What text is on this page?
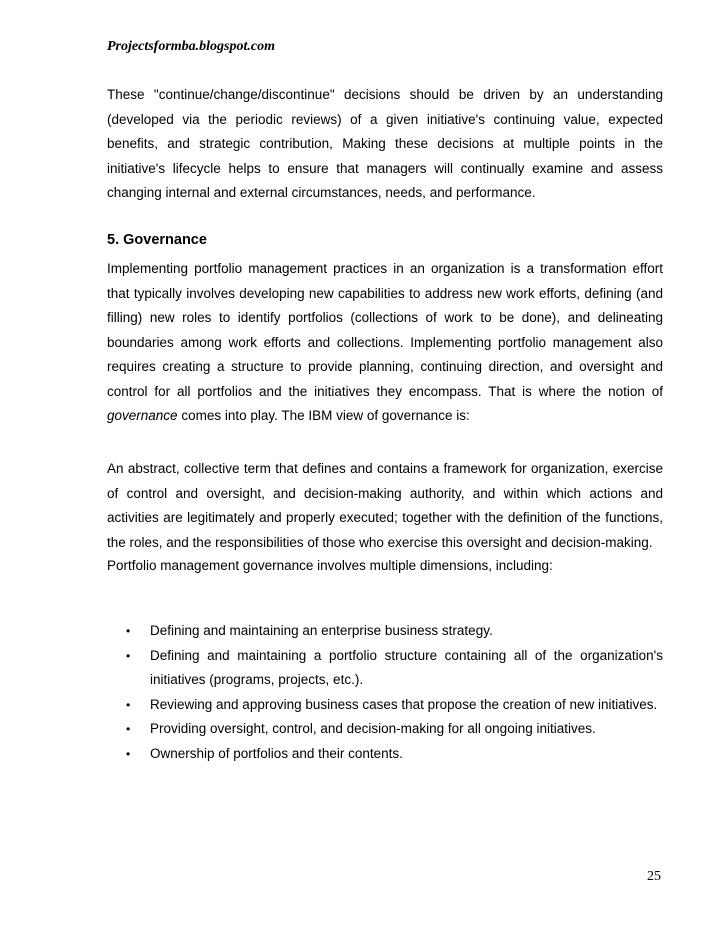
Projectsformba.blogspot.com

These "continue/change/discontinue" decisions should be driven by an understanding (developed via the periodic reviews) of a given initiative's continuing value, expected benefits, and strategic contribution, Making these decisions at multiple points in the initiative's lifecycle helps to ensure that managers will continually examine and assess changing internal and external circumstances, needs, and performance.

5. Governance

Implementing portfolio management practices in an organization is a transformation effort that typically involves developing new capabilities to address new work efforts, defining (and filling) new roles to identify portfolios (collections of work to be done), and delineating boundaries among work efforts and collections. Implementing portfolio management also requires creating a structure to provide planning, continuing direction, and oversight and control for all portfolios and the initiatives they encompass. That is where the notion of governance comes into play. The IBM view of governance is:

An abstract, collective term that defines and contains a framework for organization, exercise of control and oversight, and decision-making authority, and within which actions and activities are legitimately and properly executed; together with the definition of the functions, the roles, and the responsibilities of those who exercise this oversight and decision-making.

Portfolio management governance involves multiple dimensions, including:

• Defining and maintaining an enterprise business strategy.
• Defining and maintaining a portfolio structure containing all of the organization's initiatives (programs, projects, etc.).
• Reviewing and approving business cases that propose the creation of new initiatives.
• Providing oversight, control, and decision-making for all ongoing initiatives.
• Ownership of portfolios and their contents.
25
